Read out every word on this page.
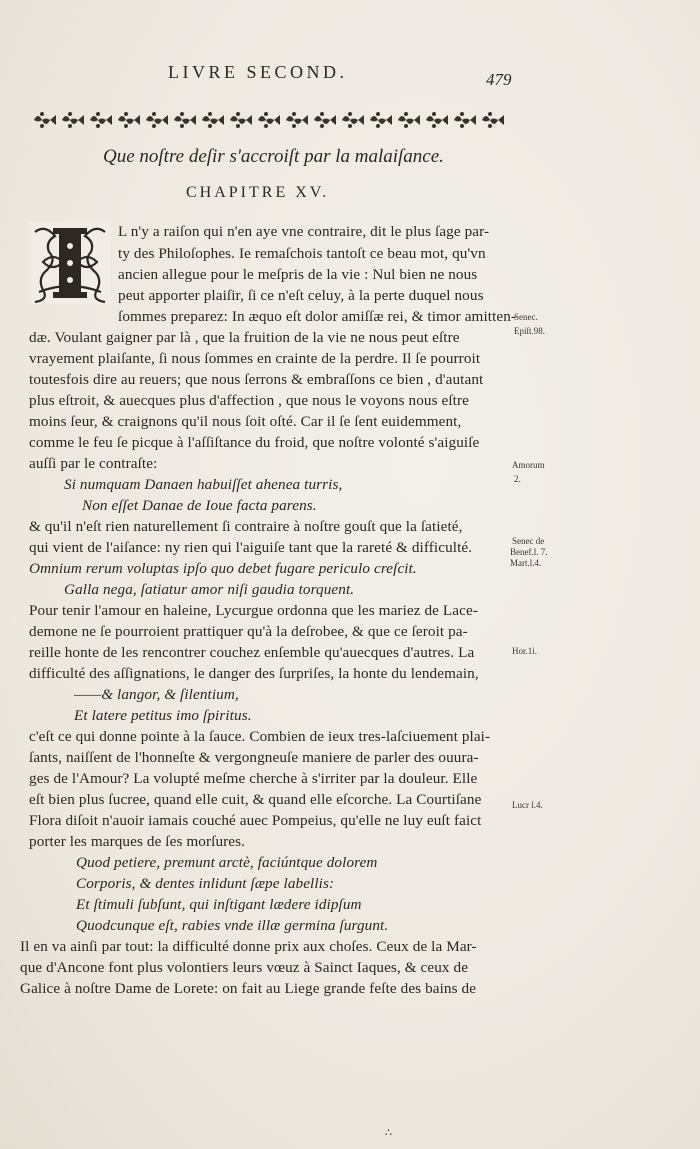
LIVRE SECOND.	479
Que noſtre deſir s'accroiſt par la malaiſance.
CHAPITRE XV.
L n'y a raiſon qui n'en aye vne contraire, dit le plus ſage par-
ty des Philoſophes. Ie remaſchois tantoſt ce beau mot, qu'vn
ancien allegue pour le meſpris de la vie : Nul bien ne nous
peut apporter plaiſir, ſi ce n'eſt celuy, à la perte duquel nous
ſommes preparez: In æquo eſt dolor amiſſæ rei, & timor amitten-
dæ. Voulant gaigner par là , que la fruition de la vie ne nous peut eſtre
vrayement plaiſante, ſi nous ſommes en crainte de la perdre. Il ſe pourroit
toutesfois dire au reuers; que nous ſerrons & embraſſons ce bien , d'autant
plus eſtroit, & auecques plus d'affection , que nous le voyons nous eſtre
moins ſeur, & craignons qu'il nous ſoit oſté. Car il ſe ſent euidemment,
comme le feu ſe picque à l'aſſiſtance du froid, que noſtre volonté s'aiguiſe
auſſi par le contraſte:
Si numquam Danaen habuiſſet ahenea turris,
Non eſſet Danae de Ioue facta parens.
& qu'il n'eſt rien naturellement ſi contraire à noſtre gouſt que la ſatieté,
qui vient de l'aiſance: ny rien qui l'aiguiſe tant que la rareté & difficulté.
Omnium rerum voluptas ipſo quo debet fugare periculo creſcit.
Galla nega, ſatiatur amor niſi gaudia torquent.
Pour tenir l'amour en haleine, Lycurgue ordonna que les mariez de Lace-
demone ne ſe pourroient prattiquer qu'à la deſrobee, & que ce ſeroit pa-
reille honte de les rencontrer couchez enſemble qu'auecques d'autres. La
difficulté des aſſignations, le danger des ſurpriſes, la honte du lendemain,
——& langor, & ſilentium,
Et latere petitus imo ſpiritus.
c'eſt ce qui donne pointe à la ſauce. Combien de ieux tres-laſciuement plai-
ſants, naiſſent de l'honneſte & vergongneuſe maniere de parler des ouura-
ges de l'Amour? La volupté meſme cherche à s'irriter par la douleur. Elle
eſt bien plus ſucree, quand elle cuit, & quand elle eſcorche. La Courtiſane
Flora diſoit n'auoir iamais couché auec Pompeius, qu'elle ne luy euſt faict
porter les marques de ſes morſures.
Quod petiere, premunt arctè, faciúntque dolorem
Corporis, & dentes inlidunt ſæpe labellis:
Et ſtimuli ſubſunt, qui inſtigant lædere idipſum
Quodcunque eſt, rabies vnde illæ germina ſurgunt.
Il en va ainſi par tout: la difficulté donne prix aux choſes. Ceux de la Mar-
que d'Ancone font plus volontiers leurs vœuz à Sainct Iaques, & ceux de
Galice à noſtre Dame de Lorete: on fait au Liege grande feſte des bains de
Senec.
Epiſt.98.
Amorum
2.
Senec de
Benef.l. 7.
Mart.l.4.
Hor.1i.
Lucr l.4.
∴
